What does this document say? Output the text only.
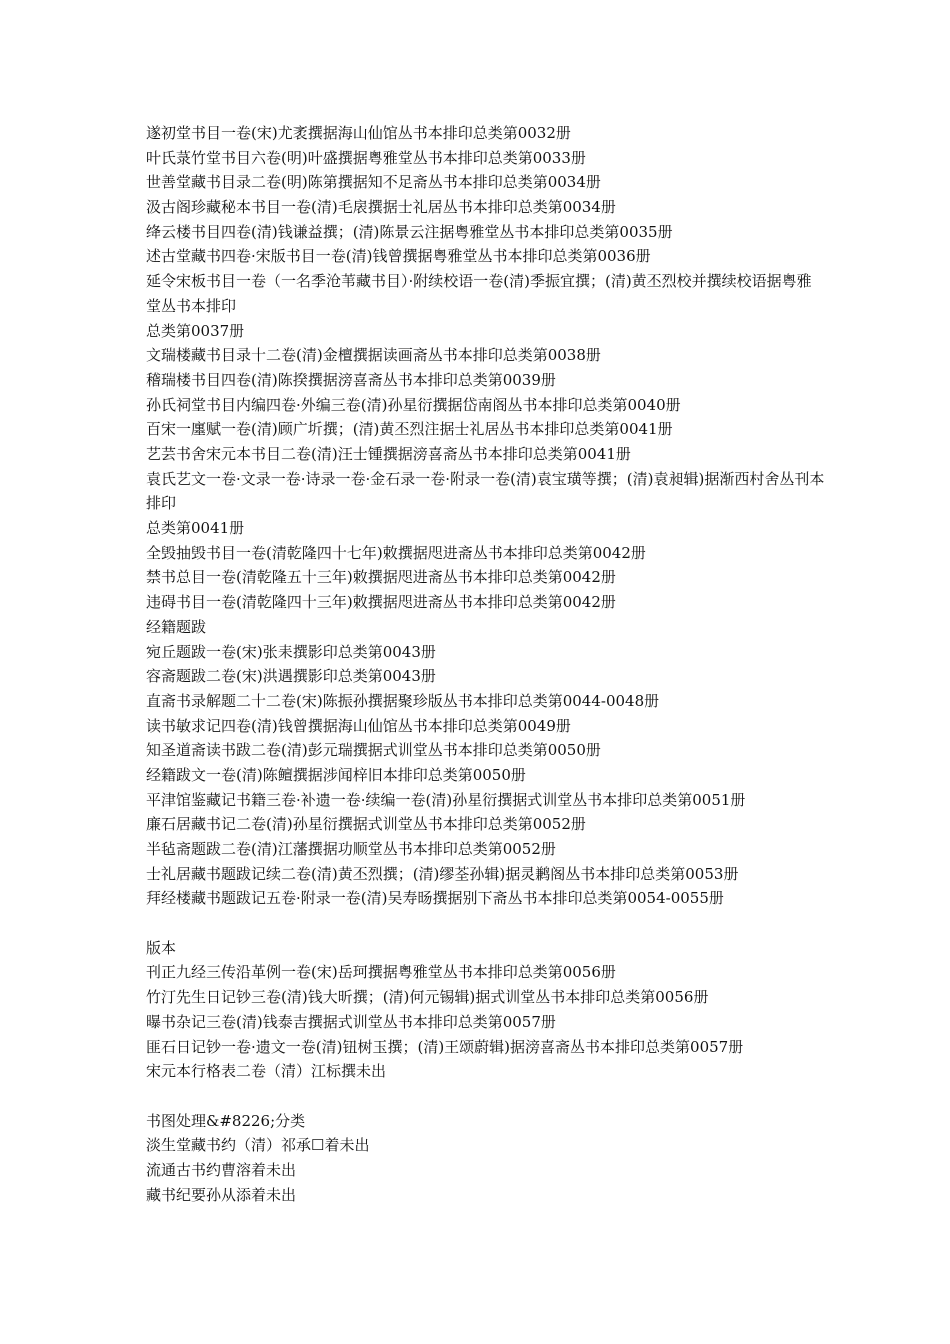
遂初堂书目一卷(宋)尤袤撰据海山仙馆丛书本排印总类第0032册

叶氏菉竹堂书目六卷(明)叶盛撰据粤雅堂丛书本排印总类第0033册

世善堂藏书目录二卷(明)陈第撰据知不足斋丛书本排印总类第0034册

汲古阁珍藏秘本书目一卷(清)毛扆撰据士礼居丛书本排印总类第0034册

绛云楼书目四卷(清)钱谦益撰；(清)陈景云注据粤雅堂丛书本排印总类第0035册

述古堂藏书四卷·宋版书目一卷(清)钱曾撰据粤雅堂丛书本排印总类第0036册

延令宋板书目一卷（一名季沧苇藏书目）·附续校语一卷(清)季振宜撰；(清)黄丕烈校并撰续校语据粤雅堂丛书本排印

总类第0037册

文瑞楼藏书目录十二卷(清)金檀撰据读画斋丛书本排印总类第0038册

稽瑞楼书目四卷(清)陈揆撰据滂喜斋丛书本排印总类第0039册

孙氏祠堂书目内编四卷·外编三卷(清)孙星衍撰据岱南阁丛书本排印总类第0040册

百宋一廛赋一卷(清)顾广圻撰；(清)黄丕烈注据士礼居丛书本排印总类第0041册

艺芸书舍宋元本书目二卷(清)汪士锺撰据滂喜斋丛书本排印总类第0041册

袁氏艺文一卷·文录一卷·诗录一卷·金石录一卷·附录一卷(清)袁宝璜等撰；(清)袁昶辑)据渐西村舍丛刊本排印

总类第0041册

全毁抽毁书目一卷(清乾隆四十七年)敕撰据咫进斋丛书本排印总类第0042册

禁书总目一卷(清乾隆五十三年)敕撰据咫进斋丛书本排印总类第0042册

违碍书目一卷(清乾隆四十三年)敕撰据咫进斋丛书本排印总类第0042册

经籍题跋

宛丘题跋一卷(宋)张耒撰影印总类第0043册

容斋题跋二卷(宋)洪遇撰影印总类第0043册

直斋书录解题二十二卷(宋)陈振孙撰据聚珍版丛书本排印总类第0044-0048册

读书敏求记四卷(清)钱曾撰据海山仙馆丛书本排印总类第0049册

知圣道斋读书跋二卷(清)彭元瑞撰据式训堂丛书本排印总类第0050册

经籍跋文一卷(清)陈鳣撰据涉闻梓旧本排印总类第0050册

平津馆鉴藏记书籍三卷·补遗一卷·续编一卷(清)孙星衍撰据式训堂丛书本排印总类第0051册

廉石居藏书记二卷(清)孙星衍撰据式训堂丛书本排印总类第0052册

半毡斋题跋二卷(清)江藩撰据功顺堂丛书本排印总类第0052册

士礼居藏书题跋记续二卷(清)黄丕烈撰；(清)缪荃孙辑)据灵鹣阁丛书本排印总类第0053册

拜经楼藏书题跋记五卷·附录一卷(清)吴寿旸撰据别下斋丛书本排印总类第0054-0055册

版本

刊正九经三传沿革例一卷(宋)岳珂撰据粤雅堂丛书本排印总类第0056册

竹汀先生日记钞三卷(清)钱大昕撰；(清)何元锡辑)据式训堂丛书本排印总类第0056册

曝书杂记三卷(清)钱泰吉撰据式训堂丛书本排印总类第0057册

匪石日记钞一卷·遗文一卷(清)钮树玉撰；(清)王颂蔚辑)据滂喜斋丛书本排印总类第0057册

宋元本行格表二卷（清）江标撰未出

书图处理&#8226;分类

淡生堂藏书约（清）祁承☐着未出

流通古书约曹溶着未出

藏书纪要孙从添着未出
